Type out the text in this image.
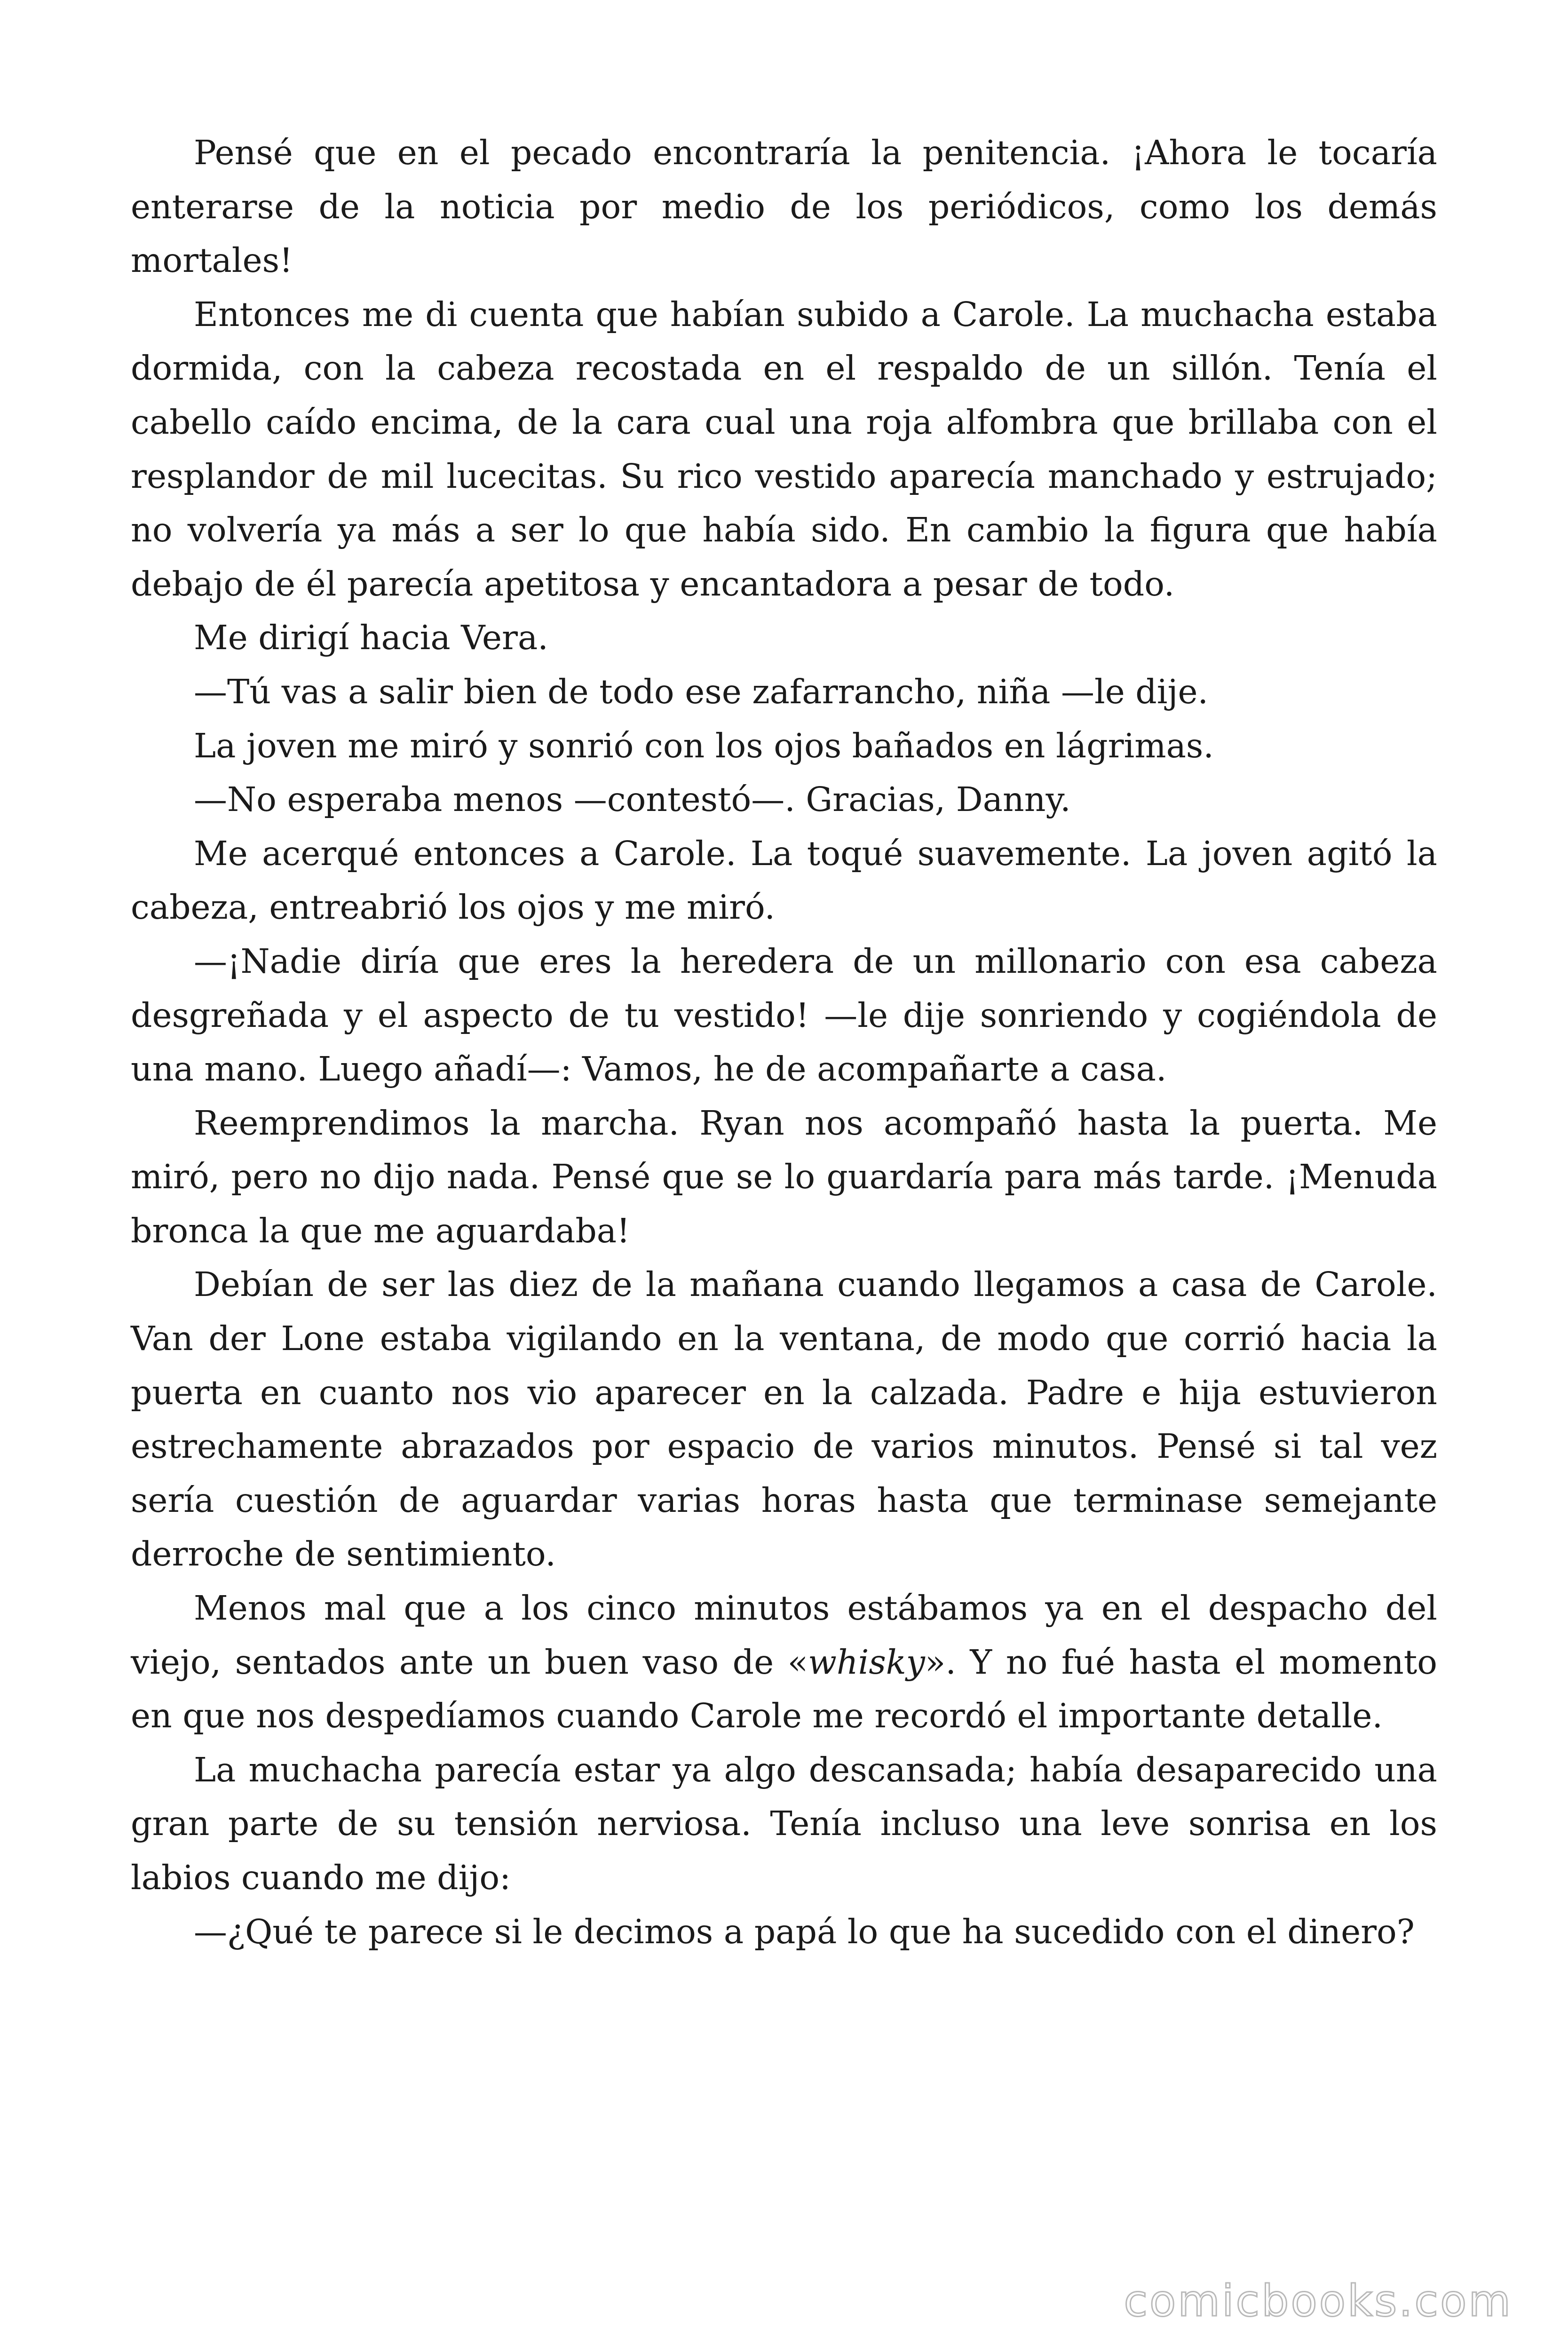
Pensé que en el pecado encontraría la penitencia. ¡Ahora le tocaría enterarse de la noticia por medio de los periódicos, como los demás mortales!

Entonces me di cuenta que habían subido a Carole. La muchacha estaba dormida, con la cabeza recostada en el respaldo de un sillón. Tenía el cabello caído encima, de la cara cual una roja alfombra que brillaba con el resplandor de mil lucecitas. Su rico vestido aparecía manchado y estrujado; no volvería ya más a ser lo que había sido. En cambio la figura que había debajo de él parecía apetitosa y encantadora a pesar de todo.

Me dirigí hacia Vera.

—Tú vas a salir bien de todo ese zafarrancho, niña —le dije.

La joven me miró y sonrió con los ojos bañados en lágrimas.

—No esperaba menos —contestó—. Gracias, Danny.

Me acerqué entonces a Carole. La toqué suavemente. La joven agitó la cabeza, entreabrió los ojos y me miró.

—¡Nadie diría que eres la heredera de un millonario con esa cabeza desgreñada y el aspecto de tu vestido! —le dije sonriendo y cogiéndola de una mano. Luego añadí—: Vamos, he de acompañarte a casa.

Reemprendimos la marcha. Ryan nos acompañó hasta la puerta. Me miró, pero no dijo nada. Pensé que se lo guardaría para más tarde. ¡Menuda bronca la que me aguardaba!

Debían de ser las diez de la mañana cuando llegamos a casa de Carole. Van der Lone estaba vigilando en la ventana, de modo que corrió hacia la puerta en cuanto nos vio aparecer en la calzada. Padre e hija estuvieron estrechamente abrazados por espacio de varios minutos. Pensé si tal vez sería cuestión de aguardar varias horas hasta que terminase semejante derroche de sentimiento.

Menos mal que a los cinco minutos estábamos ya en el despacho del viejo, sentados ante un buen vaso de «whisky». Y no fué hasta el momento en que nos despedíamos cuando Carole me recordó el importante detalle.

La muchacha parecía estar ya algo descansada; había desaparecido una gran parte de su tensión nerviosa. Tenía incluso una leve sonrisa en los labios cuando me dijo:

—¿Qué te parece si le decimos a papá lo que ha sucedido con el dinero?

comicbooks.com
